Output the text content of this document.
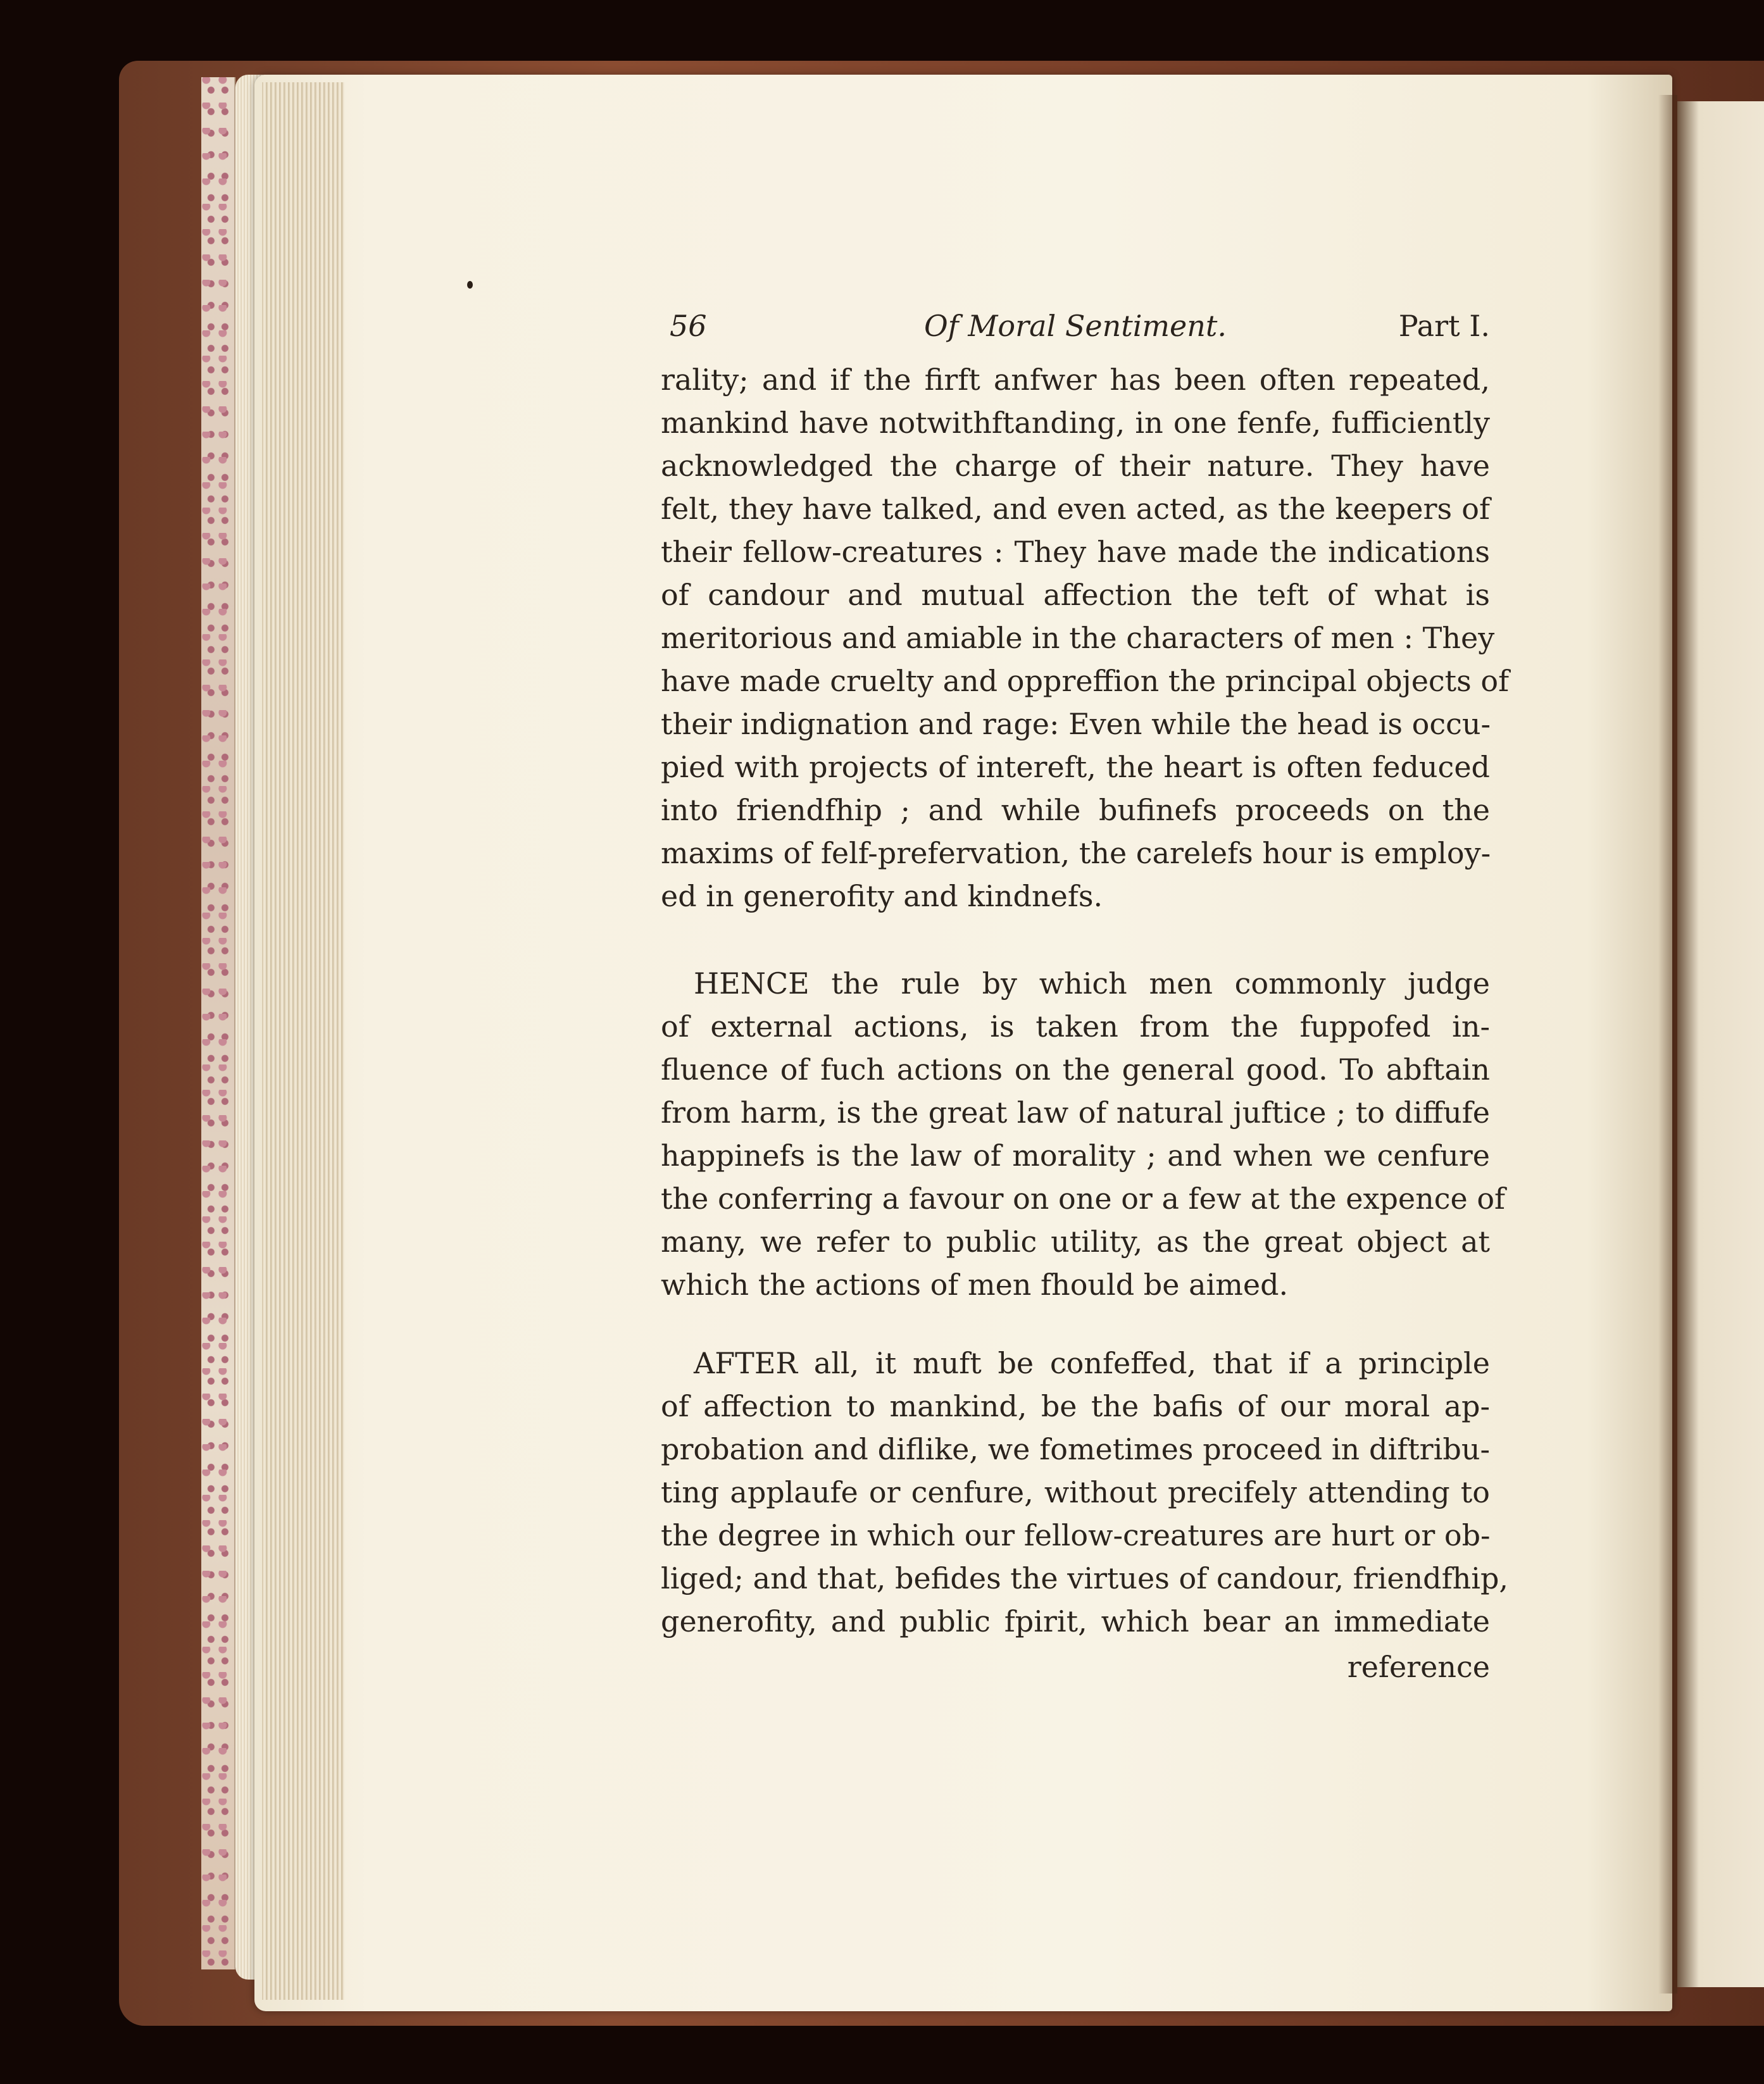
56	Of Moral Sentiment.	Part I.
rality; and if the firft anfwer has been often repeated,
mankind have notwithftanding, in one fenfe, fufficiently
acknowledged the charge of their nature. They have
felt, they have talked, and even acted, as the keepers of
their fellow-creatures : They have made the indications
of candour and mutual affection the teft of what is
meritorious and amiable in the characters of men : They
have made cruelty and oppreffion the principal objects of
their indignation and rage: Even while the head is occu-
pied with projects of intereft, the heart is often feduced
into friendfhip ; and while bufinefs proceeds on the
maxims of felf-prefervation, the carelefs hour is employ-
ed in generofity and kindnefs.
HENCE the rule by which men commonly judge
of external actions, is taken from the fuppofed in-
fluence of fuch actions on the general good. To abftain
from harm, is the great law of natural juftice ; to diffufe
happinefs is the law of morality ; and when we cenfure
the conferring a favour on one or a few at the expence of
many, we refer to public utility, as the great object at
which the actions of men fhould be aimed.
AFTER all, it muft be confeffed, that if a principle
of affection to mankind, be the bafis of our moral ap-
probation and diflike, we fometimes proceed in diftribu-
ting applaufe or cenfure, without precifely attending to
the degree in which our fellow-creatures are hurt or ob-
liged; and that, befides the virtues of candour, friendfhip,
generofity, and public fpirit, which bear an immediate
reference
